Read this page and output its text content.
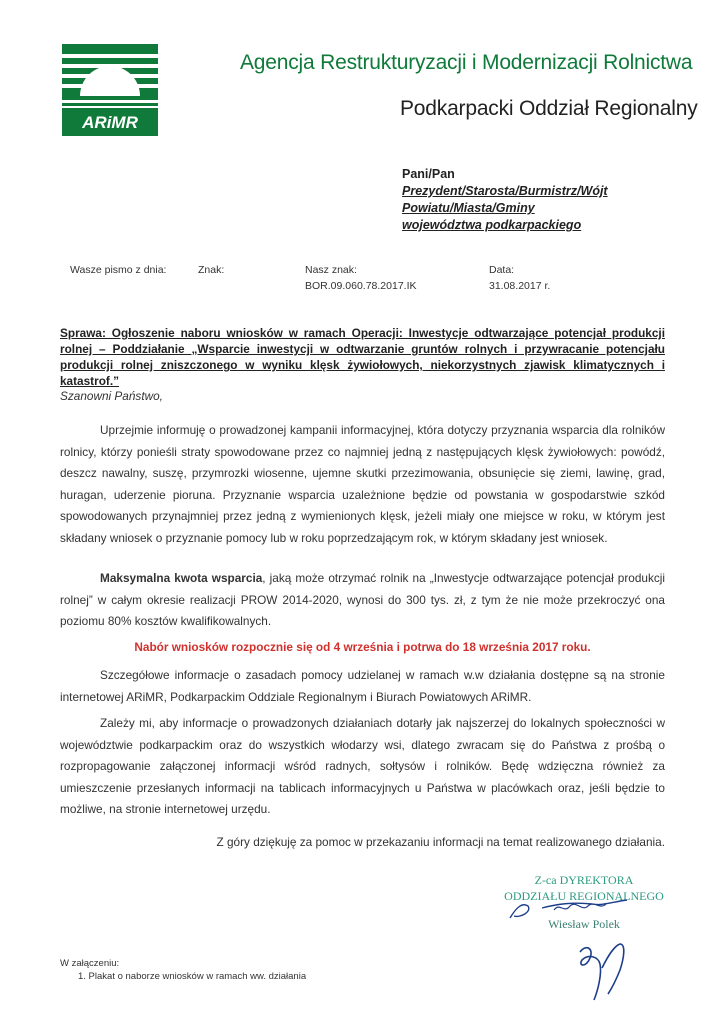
ARiMR
Agencja Restrukturyzacji i Modernizacji Rolnictwa
Podkarpacki Oddział Regionalny
Pani/Pan
Prezydent/Starosta/Burmistrz/Wójt
Powiatu/Miasta/Gminy
województwa podkarpackiego
Wasze pismo z dnia:	Znak:	Nasz znak:
BOR.09.060.78.2017.IK
Data:
31.08.2017 r.
Sprawa: Ogłoszenie naboru wniosków w ramach Operacji: Inwestycje odtwarzające potencjał produkcji rolnej – Poddziałanie „Wsparcie inwestycji w odtwarzanie gruntów rolnych i przywracanie potencjału produkcji rolnej zniszczonego w wyniku klęsk żywiołowych, niekorzystnych zjawisk klimatycznych i katastrof.”
Szanowni Państwo,
Uprzejmie informuję o prowadzonej kampanii informacyjnej, która dotyczy przyznania wsparcia dla rolników rolnicy, którzy ponieśli straty spowodowane przez co najmniej jedną z następujących klęsk żywiołowych: powódź, deszcz nawalny, suszę, przymrozki wiosenne, ujemne skutki przezimowania, obsunięcie się ziemi, lawinę, grad, huragan, uderzenie pioruna. Przyznanie wsparcia uzależnione będzie od powstania w gospodarstwie szkód spowodowanych przynajmniej przez jedną z wymienionych klęsk, jeżeli miały one miejsce w roku, w którym jest składany wniosek o przyznanie pomocy lub w roku poprzedzającym rok, w którym składany jest wniosek.
Maksymalna kwota wsparcia, jaką może otrzymać rolnik na „Inwestycje odtwarzające potencjał produkcji rolnej” w całym okresie realizacji PROW 2014-2020, wynosi do 300 tys. zł, z tym że nie może przekroczyć ona poziomu 80% kosztów kwalifikowalnych.
Nabór wniosków rozpocznie się od 4 września i potrwa do 18 września 2017 roku.
Szczegółowe informacje o zasadach pomocy udzielanej w ramach w.w działania dostępne są na stronie internetowej ARiMR, Podkarpackim Oddziale Regionalnym i Biurach Powiatowych ARiMR.
Zależy mi, aby informacje o prowadzonych działaniach dotarły jak najszerzej do lokalnych społeczności w województwie podkarpackim oraz do wszystkich włodarzy wsi, dlatego zwracam się do Państwa z prośbą o rozpropagowanie załączonej informacji wśród radnych, sołtysów i rolników. Będę wdzięczna również za umieszczenie przesłanych informacji na tablicach informacyjnych u Państwa w placówkach oraz, jeśli będzie to możliwe, na stronie internetowej urzędu.
Z góry dziękuję za pomoc w przekazaniu informacji na temat realizowanego działania.
Z-ca DYREKTORA
ODDZIAŁU REGIONALNEGO
Wiesław Polek
W załączeniu:
1. Plakat o naborze wniosków w ramach ww. działania
